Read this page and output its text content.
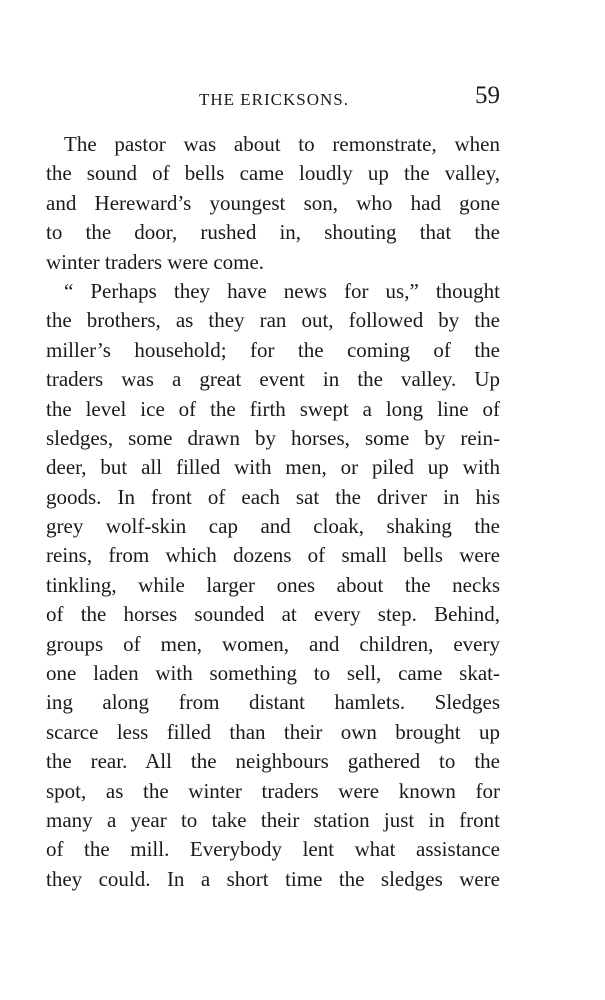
THE ERICKSONS.	59
The pastor was about to remonstrate, when
the sound of bells came loudly up the valley,
and Hereward’s youngest son, who had gone
to the door, rushed in, shouting that the
winter traders were come.
“ Perhaps they have news for us,” thought
the brothers, as they ran out, followed by the
miller’s household; for the coming of the
traders was a great event in the valley. Up
the level ice of the firth swept a long line of
sledges, some drawn by horses, some by rein-
deer, but all filled with men, or piled up with
goods. In front of each sat the driver in his
grey wolf-skin cap and cloak, shaking the
reins, from which dozens of small bells were
tinkling, while larger ones about the necks
of the horses sounded at every step. Behind,
groups of men, women, and children, every
one laden with something to sell, came skat-
ing along from distant hamlets. Sledges
scarce less filled than their own brought up
the rear. All the neighbours gathered to the
spot, as the winter traders were known for
many a year to take their station just in front
of the mill. Everybody lent what assistance
they could. In a short time the sledges were
